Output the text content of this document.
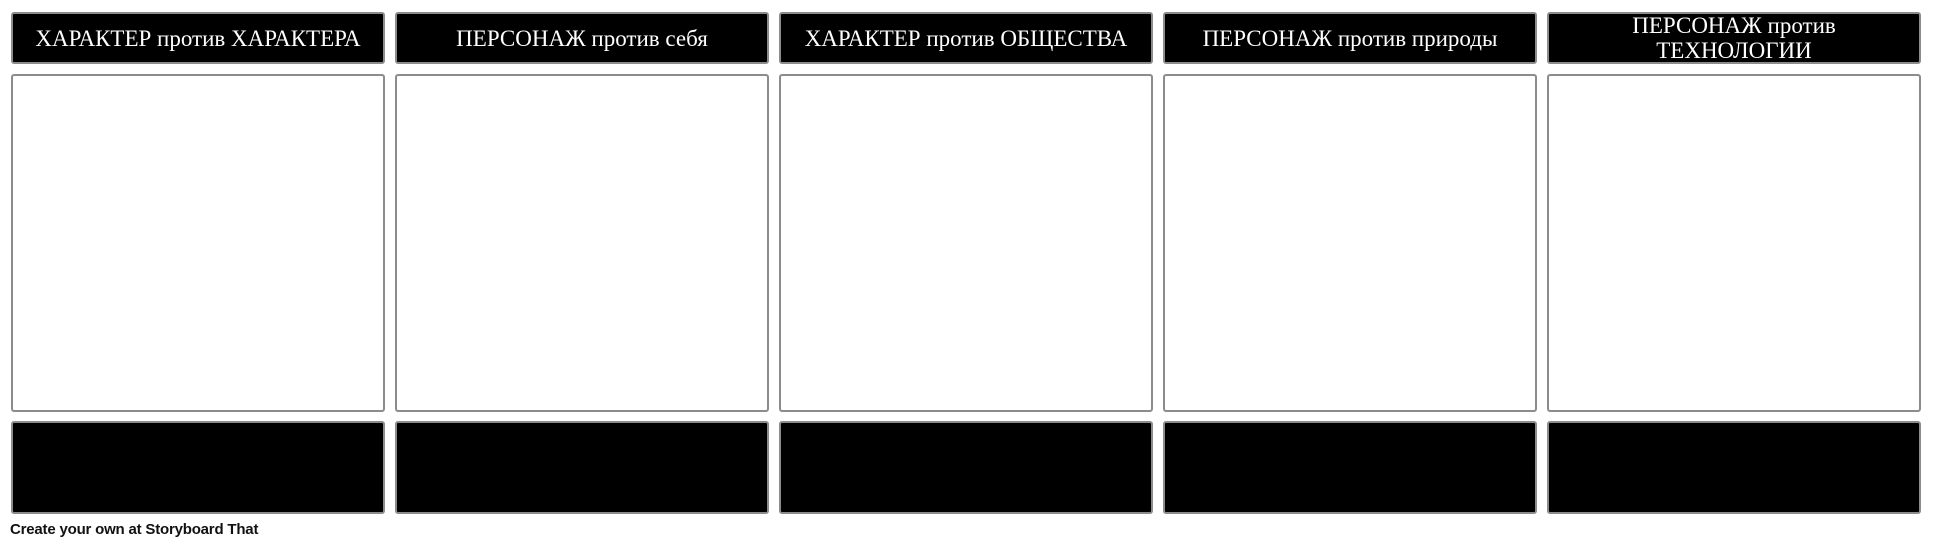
ХАРАКТЕР против ХАРАКТЕРА	ПЕРСОНАЖ против себя	ХАРАКТЕР против ОБЩЕСТВА	ПЕРСОНАЖ против природы	ПЕРСОНАЖ против ТЕХНОЛОГИИ
Create your own at Storyboard That
